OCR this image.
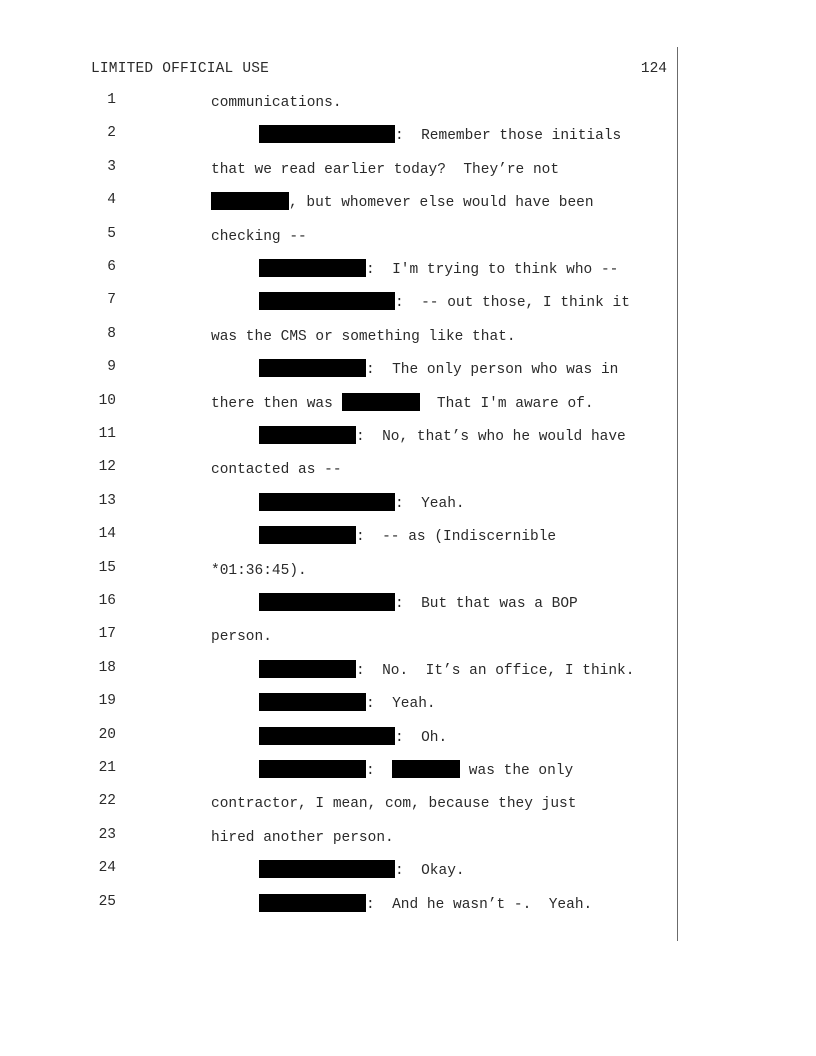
LIMITED OFFICIAL USE	124
1	communications.
2	:  Remember those initials
3	that we read earlier today?  They’re not
4	, but whomever else would have been
5	checking --
6	:  I'm trying to think who --
7	:  -- out those, I think it
8	was the CMS or something like that.
9	:  The only person who was in
10	there then was	That I'm aware of.
11	:  No, that’s who he would have
12	contacted as --
13	:  Yeah.
14	:  -- as (Indiscernible
15	*01:36:45).
16	:  But that was a BOP
17	person.
18	:  No.  It’s an office, I think.
19	:  Yeah.
20	:  Oh.
21	:	was the only
22	contractor, I mean, com, because they just
23	hired another person.
24	:  Okay.
25	:  And he wasn’t -.  Yeah.
